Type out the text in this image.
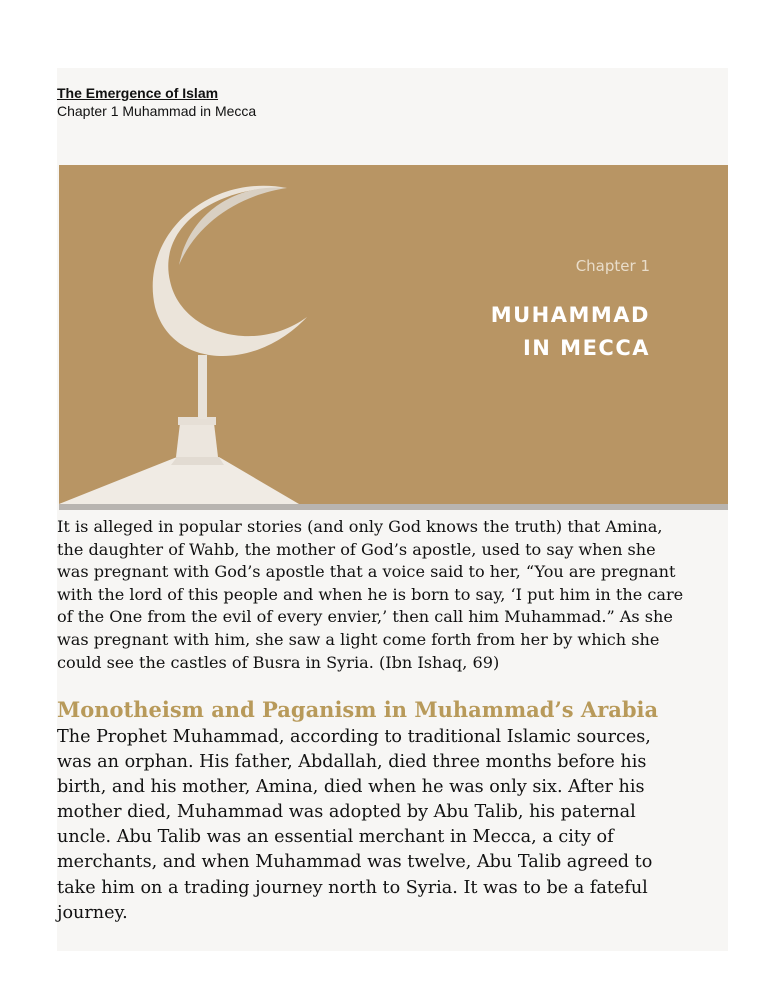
The Emergence of Islam
Chapter 1 Muhammad in Mecca
Chapter 1
MUHAMMAD
IN MECCA
It is alleged in popular stories (and only God knows the truth) that Amina,
the daughter of Wahb, the mother of God’s apostle, used to say when she
was pregnant with God’s apostle that a voice said to her, “You are pregnant
with the lord of this people and when he is born to say, ‘I put him in the care
of the One from the evil of every envier,’ then call him Muhammad.” As she
was pregnant with him, she saw a light come forth from her by which she
could see the castles of Busra in Syria. (Ibn Ishaq, 69)
Monotheism and Paganism in Muhammad’s Arabia
The Prophet Muhammad, according to traditional Islamic sources,
was an orphan. His father, Abdallah, died three months before his
birth, and his mother, Amina, died when he was only six. After his
mother died, Muhammad was adopted by Abu Talib, his paternal
uncle. Abu Talib was an essential merchant in Mecca, a city of
merchants, and when Muhammad was twelve, Abu Talib agreed to
take him on a trading journey north to Syria. It was to be a fateful
journey.
